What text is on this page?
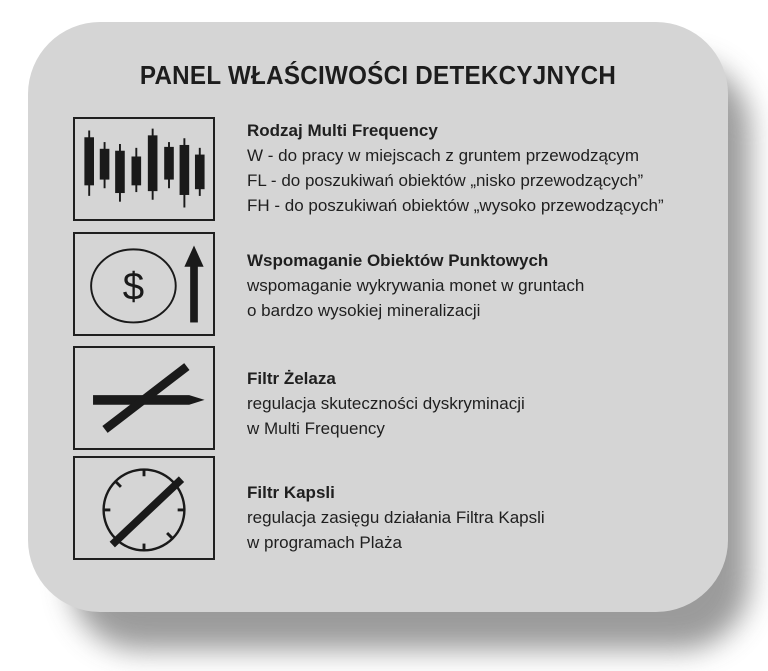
PANEL WŁAŚCIWOŚCI DETEKCYJNYCH
Rodzaj Multi Frequency
W - do pracy w miejscach z gruntem przewodzącym
FL - do poszukiwań obiektów „nisko przewodzących”
FH - do poszukiwań obiektów „wysoko przewodzących”
$
Wspomaganie Obiektów Punktowych
wspomaganie wykrywania monet w gruntach
o bardzo wysokiej mineralizacji
Filtr Żelaza
regulacja skuteczności dyskryminacji
w Multi Frequency
Filtr Kapsli
regulacja zasięgu działania Filtra Kapsli
w programach Plaża
